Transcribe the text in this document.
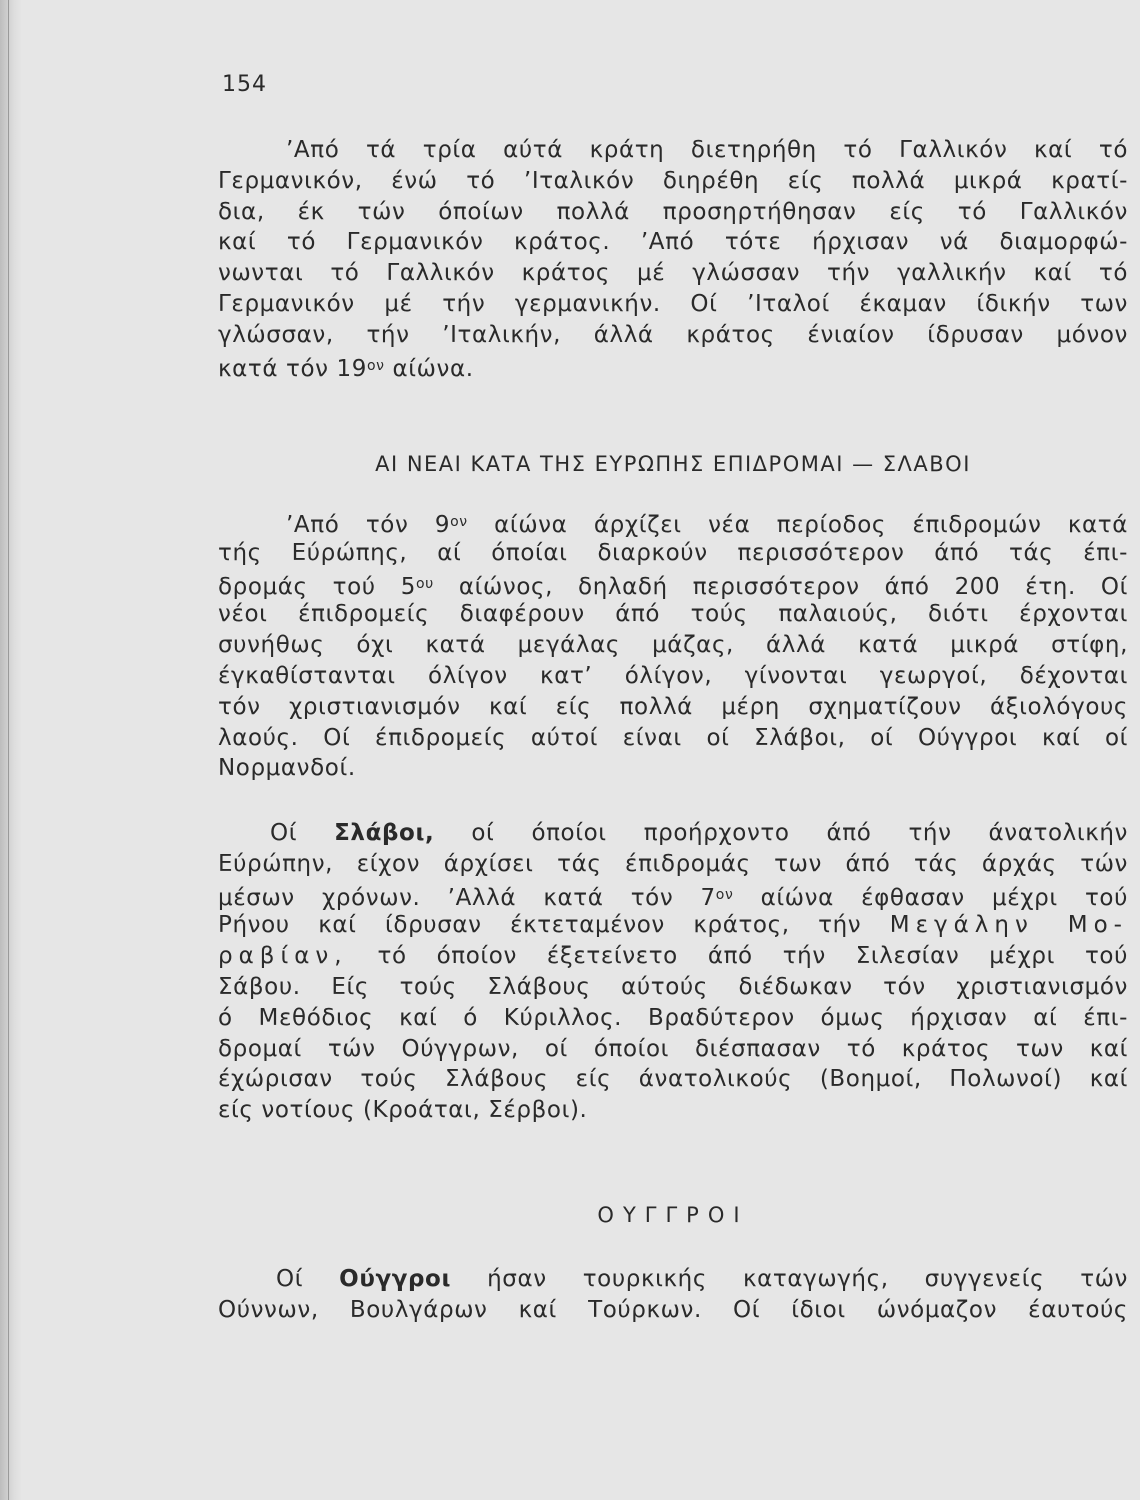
154
’Από τά τρία αύτά κράτη διετηρήθη τό Γαλλικόν καί τό
Γερμανικόν, ένώ τό ’Ιταλικόν διηρέθη είς πολλά μικρά κρατί-
δια, έκ τών όποίων πολλά προσηρτήθησαν είς τό Γαλλικόν
καί τό Γερμανικόν κράτος. ’Από τότε ήρχισαν νά διαμορφώ-
νωνται τό Γαλλικόν κράτος μέ γλώσσαν τήν γαλλικήν καί τό
Γερμανικόν μέ τήν γερμανικήν. Οί ’Ιταλοί έκαμαν ίδικήν των
γλώσσαν, τήν ’Ιταλικήν, άλλά κράτος ένιαίον ίδρυσαν μόνον
κατά τόν $19^{o\nu}$ αίώνα.
ΑΙ ΝΕΑΙ ΚΑΤΑ ΤΗΣ ΕΥΡΩΠΗΣ ΕΠΙΔΡΟΜΑΙ — ΣΛΑΒΟΙ
’Από τόν $9^{o\nu}$ αίώνα άρχίζει νέα περίοδος έπιδρομών κατά
τής Εύρώπης, αί όποίαι διαρκούν περισσότερον άπό τάς έπι-
δρομάς τού $5^{o\upsilon}$ αίώνος, δηλαδή περισσότερον άπό 200 έτη. Οί
νέοι έπιδρομείς διαφέρουν άπό τούς παλαιούς, διότι έρχονται
συνήθως όχι κατά μεγάλας μάζας, άλλά κατά μικρά στίφη,
έγκαθίστανται όλίγον κατ’ όλίγον, γίνονται γεωργοί, δέχονται
τόν χριστιανισμόν καί είς πολλά μέρη σχηματίζουν άξιολόγους
λαούς. Οί έπιδρομείς αύτοί είναι οί Σλάβοι, οί Ούγγροι καί οί
Νορμανδοί.
Οί Σλάβοι, οί όποίοι προήρχοντο άπό τήν άνατολικήν
Εύρώπην, είχον άρχίσει τάς έπιδρομάς των άπό τάς άρχάς τών
μέσων χρόνων. ’Αλλά κατά τόν $7^{o\nu}$ αίώνα έφθασαν μέχρι τού
Ρήνου καί ίδρυσαν έκτεταμένον κράτος, τήν Μεγάλην Μο-
ραβίαν, τό όποίον έξετείνετο άπό τήν Σιλεσίαν μέχρι τού
Σάβου. Είς τούς Σλάβους αύτούς διέδωκαν τόν χριστιανισμόν
ό Μεθόδιος καί ό Κύριλλος. Βραδύτερον όμως ήρχισαν αί έπι-
δρομαί τών Ούγγρων, οί όποίοι διέσπασαν τό κράτος των καί
έχώρισαν τούς Σλάβους είς άνατολικούς (Βοημοί, Πολωνοί) καί
είς νοτίους (Κροάται, Σέρβοι).
ΟΥΓΓΡΟΙ
Οί Ούγγροι ήσαν τουρκικής καταγωγής, συγγενείς τών
Ούννων, Βουλγάρων καί Τούρκων. Οί ίδιοι ώνόμαζον έαυτούς
